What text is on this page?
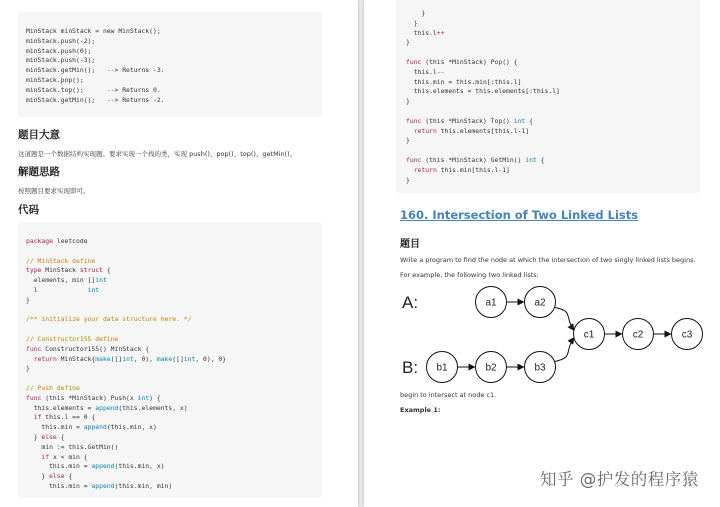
MinStack minStack = new MinStack();
minStack.push(-2);
minStack.push(0);
minStack.push(-3);
minStack.getMin();   --> Returns -3.
minStack.pop();
minStack.top();      --> Returns 0.
minStack.getMin();   --> Returns -2.
题目大意
这道题是一个数据结构实现题。要求实现一个栈的类，实现 push()、pop()、top()、getMin()。
解题思路
按照题目要求实现即可。
代码
package leetcode

// MinStack define
type MinStack struct {
elements, min []int
l             int
}

/** initialize your data structure here. */

// Constructor155 define
func Constructor155() MinStack {
return MinStack{make([]int, 0), make([]int, 0), 0}
}

// Push define
func (this *MinStack) Push(x int) {
this.elements = append(this.elements, x)
if this.l == 0 {
this.min = append(this.min, x)
} else {
min := this.GetMin()
if x < min {
this.min = append(this.min, x)
} else {
this.min = append(this.min, min)
}
}
this.l++
}

func (this *MinStack) Pop() {
this.l--
this.min = this.min[:this.l]
this.elements = this.elements[:this.l]
}

func (this *MinStack) Top() int {
return this.elements[this.l-1]
}

func (this *MinStack) GetMin() int {
return this.min[this.l-1]
}
160. Intersection of Two Linked Lists
题目
Write a program to find the node at which the intersection of two singly linked lists begins.
For example, the following two linked lists:
A:
B:
a1	a2
b1	b2	b3
c1	c2	c3
begin to intersect at node c1.
Example 1:
知乎 @护发的程序猿
